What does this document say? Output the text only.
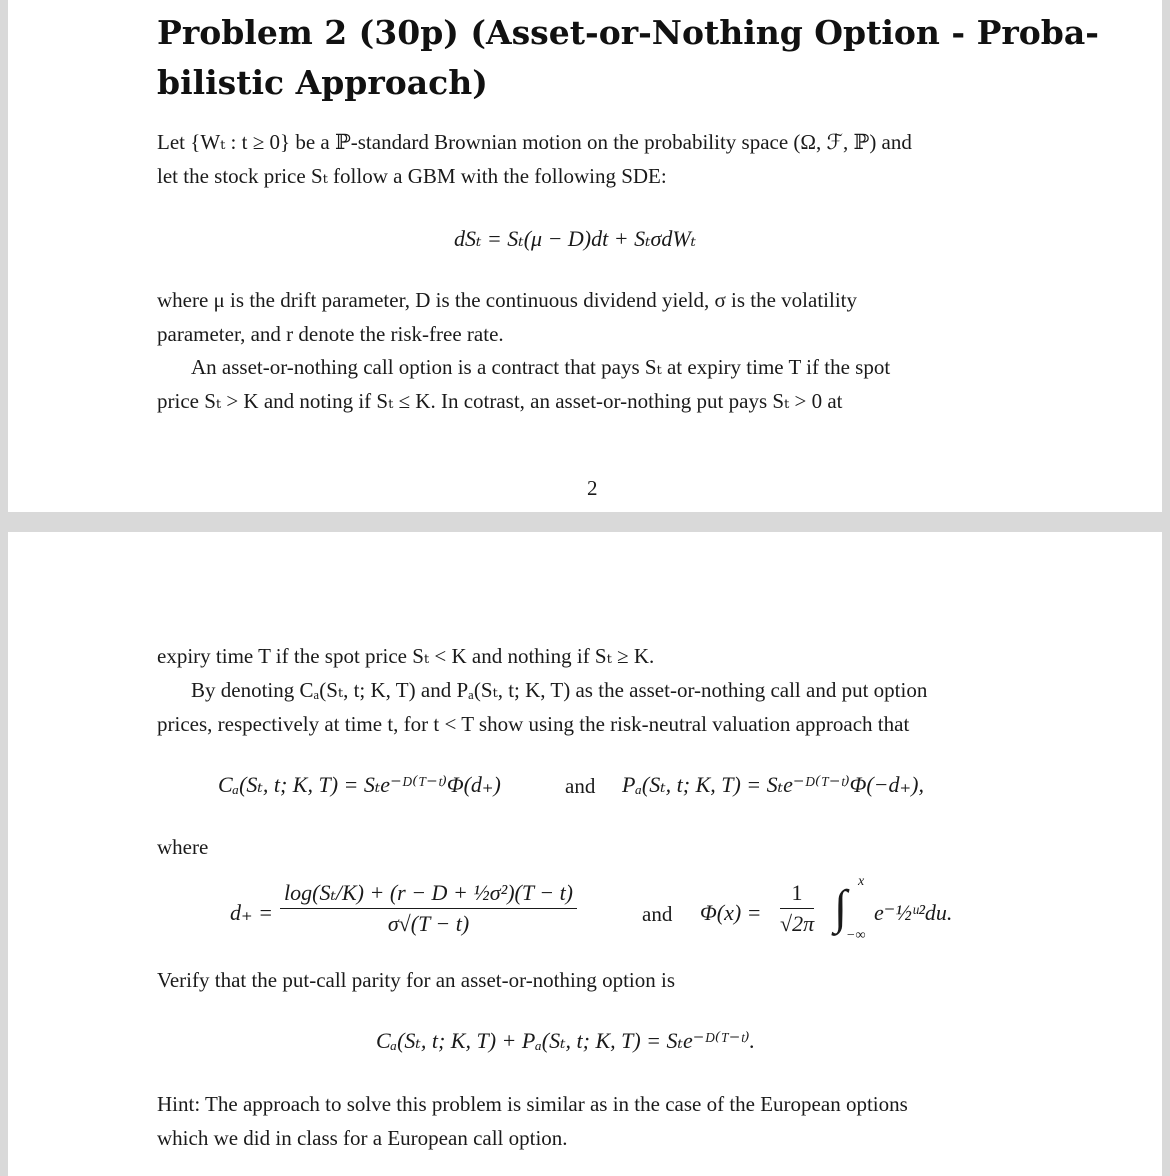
Problem 2 (30p) (Asset-or-Nothing Option - Proba-
bilistic Approach)
Let {Wₜ : t ≥ 0} be a ℙ-standard Brownian motion on the probability space (Ω, ℱ, ℙ) and
let the stock price Sₜ follow a GBM with the following SDE:
dSₜ = Sₜ(μ − D)dt + SₜσdWₜ
where μ is the drift parameter, D is the continuous dividend yield, σ is the volatility
parameter, and r denote the risk-free rate.
An asset-or-nothing call option is a contract that pays Sₜ at expiry time T if the spot
price Sₜ > K and noting if Sₜ ≤ K. In cotrast, an asset-or-nothing put pays Sₜ > 0 at
2
expiry time T if the spot price Sₜ < K and nothing if Sₜ ≥ K.
By denoting Cₐ(Sₜ, t; K, T) and Pₐ(Sₜ, t; K, T) as the asset-or-nothing call and put option
prices, respectively at time t, for t < T show using the risk-neutral valuation approach that
Cₐ(Sₜ, t; K, T) = Sₜe⁻ᴰ⁽ᵀ⁻ᵗ⁾Φ(d₊)	and Pₐ(Sₜ, t; K, T) = Sₜe⁻ᴰ⁽ᵀ⁻ᵗ⁾Φ(−d₊),
where
$d_+ = \frac{\text{log(Sₜ/K) + (r − D + ½σ²)(T − t)}}{\sigma√(T - t)}$	and $\Phi(x) = \frac{1}{√2\pi}$ ∫ x
−∞
e⁻½ᵘ²du.
Verify that the put-call parity for an asset-or-nothing option is
Cₐ(Sₜ, t; K, T) + Pₐ(Sₜ, t; K, T) = Sₜe⁻ᴰ⁽ᵀ⁻ᵗ⁾.
Hint: The approach to solve this problem is similar as in the case of the European options
which we did in class for a European call option.
